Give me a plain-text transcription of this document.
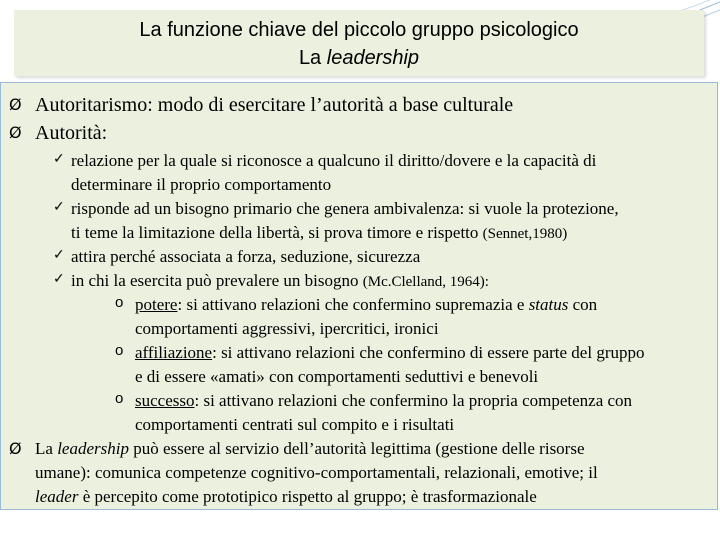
La funzione chiave del piccolo gruppo psicologico
La leadership
Ø Autoritarismo: modo di esercitare l’autorità a base culturale
Ø Autorità:
✓ relazione per la quale si riconosce a qualcuno il diritto/dovere e la capacità di
determinare il proprio comportamento
✓ risponde ad un bisogno primario che genera ambivalenza: si vuole la protezione,
ti teme la limitazione della libertà, si prova timore e rispetto (Sennet,1980)
✓ attira perché associata a forza, seduzione, sicurezza
✓ in chi la esercita può prevalere un bisogno (Mc.Clelland, 1964):
o potere: si attivano relazioni che confermino supremazia e status con
comportamenti aggressivi, ipercritici, ironici
o affiliazione: si attivano relazioni che confermino di essere parte del gruppo
e di essere «amati» con comportamenti seduttivi e benevoli
o successo: si attivano relazioni che confermino la propria competenza con
comportamenti centrati sul compito e i risultati
Ø La leadership può essere al servizio dell’autorità legittima (gestione delle risorse
umane): comunica competenze cognitivo-comportamentali, relazionali, emotive; il
leader è percepito come prototipico rispetto al gruppo; è trasformazionale
